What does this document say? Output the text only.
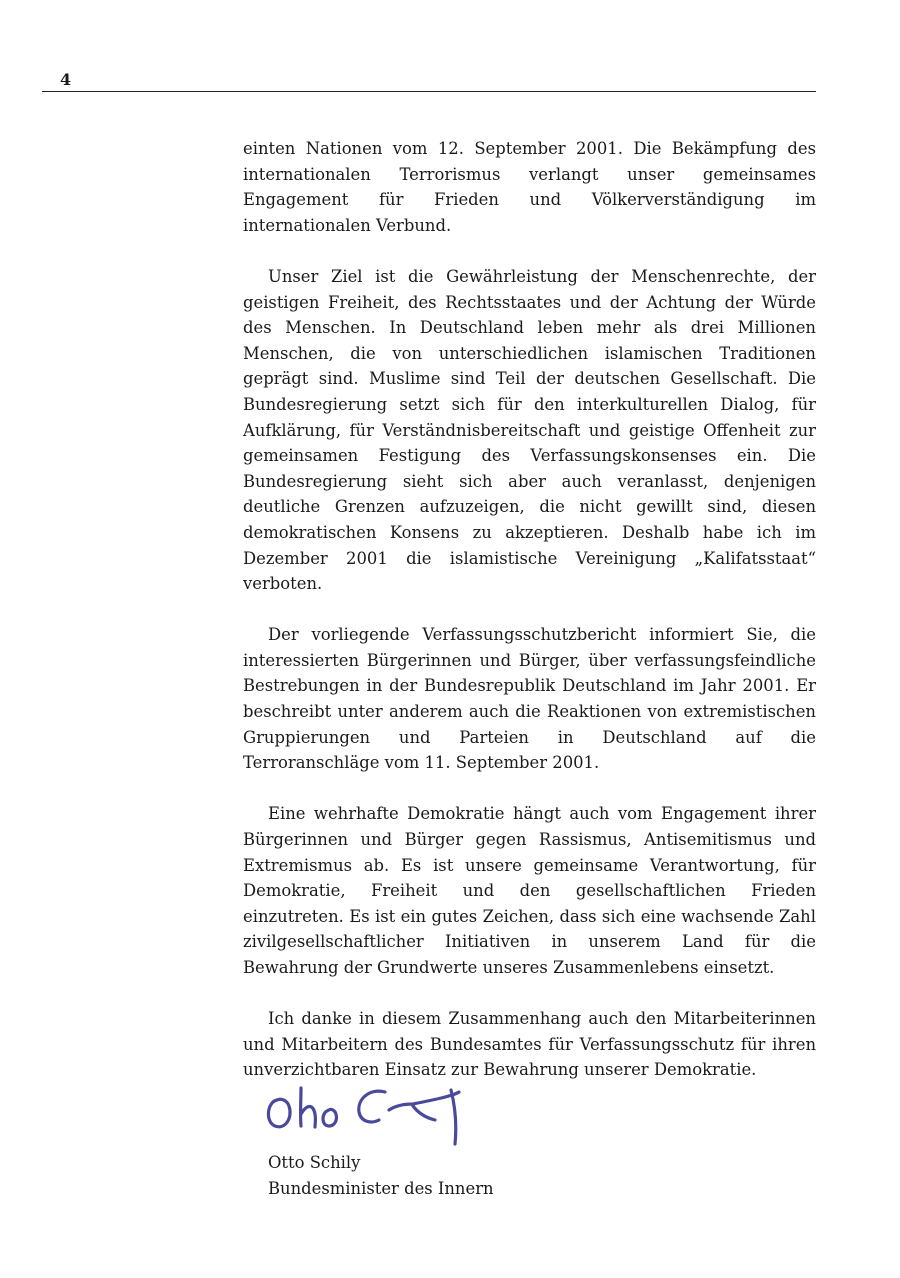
4

einten Nationen vom 12. September 2001. Die Bekämpfung des internationalen Terrorismus verlangt unser gemeinsames Engagement für Frieden und Völkerverständigung im internationalen Verbund.

Unser Ziel ist die Gewährleistung der Menschenrechte, der geistigen Freiheit, des Rechtsstaates und der Achtung der Würde des Menschen. In Deutschland leben mehr als drei Millionen Menschen, die von unterschiedlichen islamischen Traditionen geprägt sind. Muslime sind Teil der deutschen Gesellschaft. Die Bundesregierung setzt sich für den interkulturellen Dialog, für Aufklärung, für Verständnisbereitschaft und geistige Offenheit zur gemeinsamen Festigung des Verfassungskonsenses ein. Die Bundesregierung sieht sich aber auch veranlasst, denjenigen deutliche Grenzen aufzuzeigen, die nicht gewillt sind, diesen demokratischen Konsens zu akzeptieren. Deshalb habe ich im Dezember 2001 die islamistische Vereinigung „Kalifatsstaat“ verboten.

Der vorliegende Verfassungsschutzbericht informiert Sie, die interessierten Bürgerinnen und Bürger, über verfassungsfeindliche Bestrebungen in der Bundesrepublik Deutschland im Jahr 2001. Er beschreibt unter anderem auch die Reaktionen von extremistischen Gruppierungen und Parteien in Deutschland auf die Terroranschläge vom 11. September 2001.

Eine wehrhafte Demokratie hängt auch vom Engagement ihrer Bürgerinnen und Bürger gegen Rassismus, Antisemitismus und Extremismus ab. Es ist unsere gemeinsame Verantwortung, für Demokratie, Freiheit und den gesellschaftlichen Frieden einzutreten. Es ist ein gutes Zeichen, dass sich eine wachsende Zahl zivilgesellschaftlicher Initiativen in unserem Land für die Bewahrung der Grundwerte unseres Zusammenlebens einsetzt.

Ich danke in diesem Zusammenhang auch den Mitarbeiterinnen und Mitarbeitern des Bundesamtes für Verfassungsschutz für ihren unverzichtbaren Einsatz zur Bewahrung unserer Demokratie.

Otto Schily
Bundesminister des Innern
